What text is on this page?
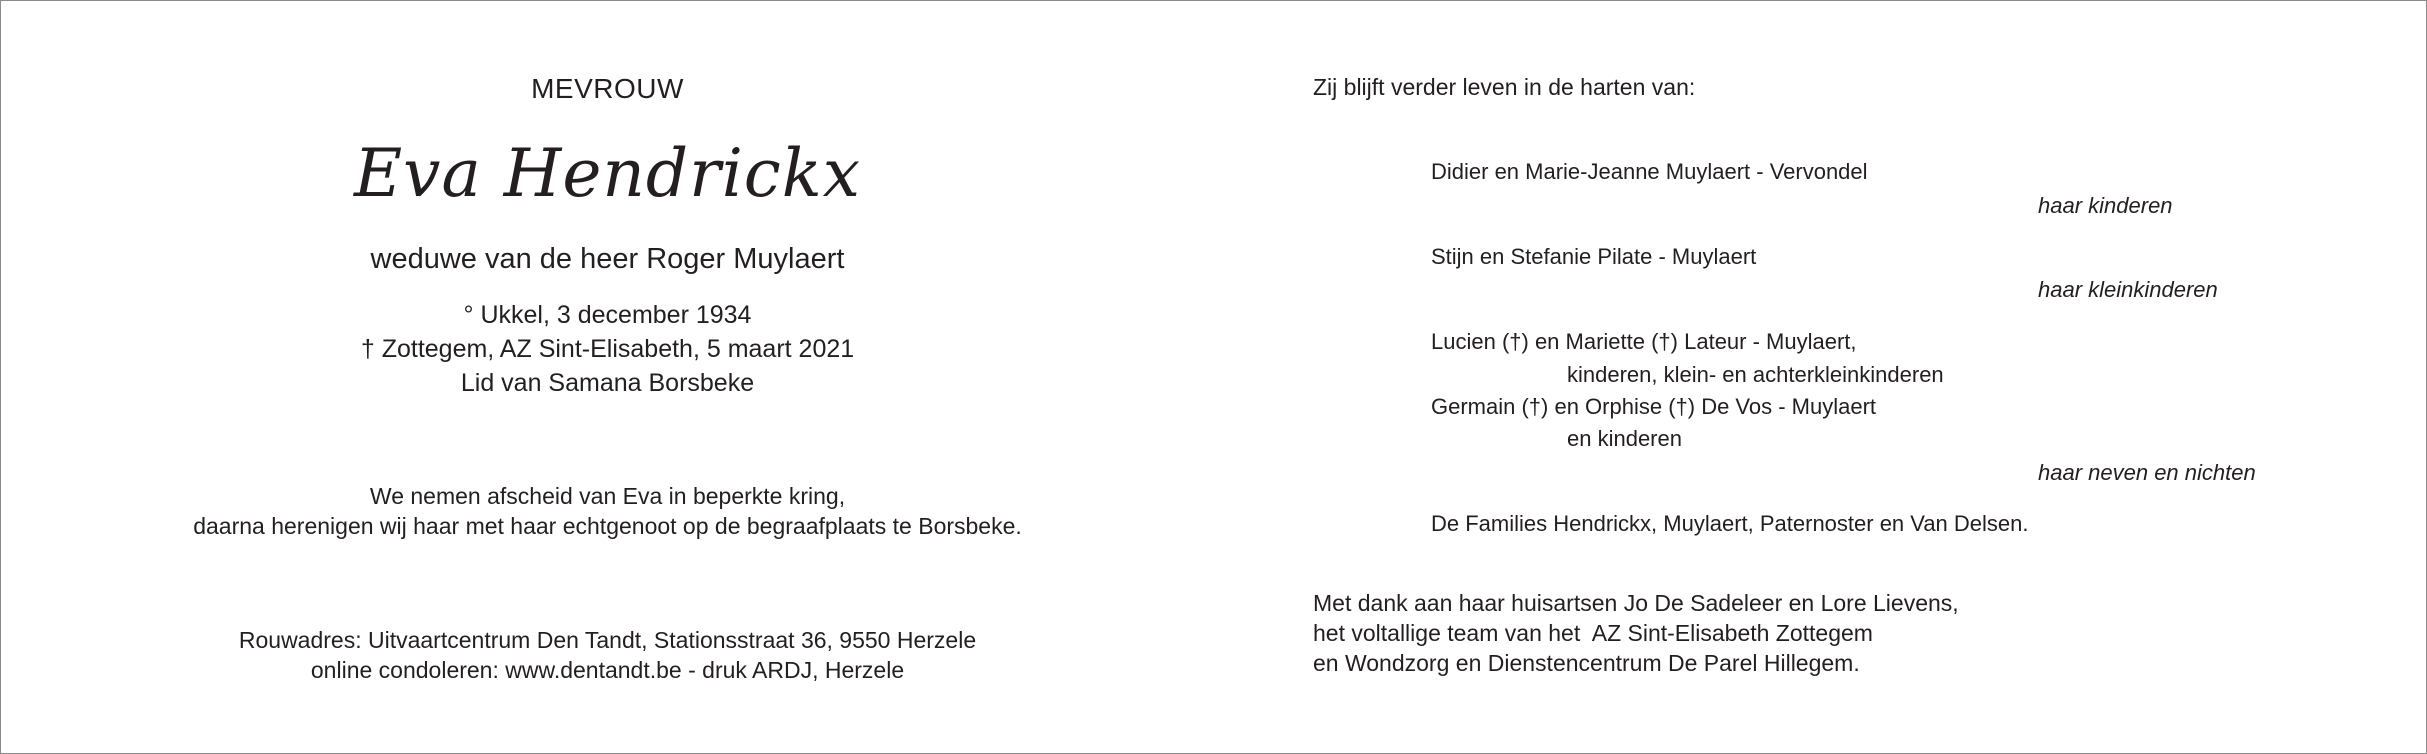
MEVROUW
Eva Hendrickx
weduwe van de heer Roger Muylaert
° Ukkel, 3 december 1934
† Zottegem, AZ Sint-Elisabeth, 5 maart 2021
Lid van Samana Borsbeke
We nemen afscheid van Eva in beperkte kring,
daarna herenigen wij haar met haar echtgenoot op de begraafplaats te Borsbeke.
Rouwadres: Uitvaartcentrum Den Tandt, Stationsstraat 36, 9550 Herzele
online condoleren: www.dentandt.be - druk ARDJ, Herzele
Zij blijft verder leven in de harten van:
Didier en Marie-Jeanne Muylaert - Vervondel
haar kinderen
Stijn en Stefanie Pilate - Muylaert
haar kleinkinderen
Lucien (†) en Mariette (†) Lateur - Muylaert,
kinderen, klein- en achterkleinkinderen
Germain (†) en Orphise (†) De Vos - Muylaert
en kinderen
haar neven en nichten
De Families Hendrickx, Muylaert, Paternoster en Van Delsen.
Met dank aan haar huisartsen Jo De Sadeleer en Lore Lievens,
het voltallige team van het  AZ Sint-Elisabeth Zottegem
en Wondzorg en Dienstencentrum De Parel Hillegem.
